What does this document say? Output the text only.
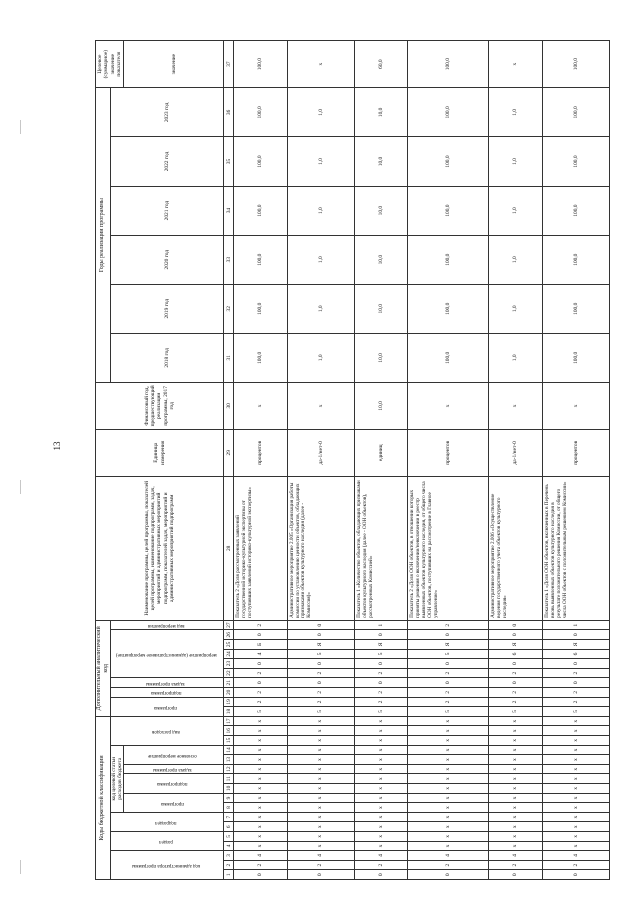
13
Коды бюджетной классификации																	Дополнительный аналитический код										Наименование программы, целей программы, показателей целей программы, наименование подпрограмм, задач, мероприятий и административных мероприятий подпрограмм, показателей задач, мероприятий и административных мероприятий подпрограмм	Единица измерения	Финансовый год, предшествующий реализации программы, 2017 год	Годы реализации программы						Целевое (суммарное) значение показателя
код администратора программы			раздел		подраздел		код целевой статьи расходов бюджета							вид расходов			программа		подпрограмма	задача программы	мероприятие (административное мероприятие)					вид мероприятия				2018 год	2019 год	2020 год	2021 год	2022 год	2023 год	
							программа		подпрограмма		задача программы	основное мероприятие																								значение
1	2	3	4	5	6	7	8	9	10	11	12	13	14	15	16	17	18	19	20	21	22	23	24	25	26	27	28	29	30	31	32	33	34	35	36	37
0	2	4	х	х	х	х	х	х	х	х	х	х	х	х	х	х	5	2	2	0	2	0	4	Б	0	2	Показатель 2 «Доля рассмотренных заявлений государственной историко-культурной экспертизы от поступивших заявлений историко-культурной экспертизы»	процентов	х	100,0	100,0	100,0	100,0	100,0	100,0	100,0
0	2	4	х	х	х	х	х	х	х	х	х	х	х	х	х	х	5	2	2	0	2	0	5	Я	0	0	Административное мероприятие 2.005 «Организация работы комиссии по установлению ценности объектов, обладающих признаками объектов культурного наследия (далее - Комиссия)»	да-1/нет-0	х	1,0	1,0	1,0	1,0	1,0	1,0	х
0	2	4	х	х	х	х	х	х	х	х	х	х	х	х	х	х	5	2	2	0	2	0	5	Я	0	1	Показатель 1 «Количество объектов, обладающих признаками объектов культурного наследия (далее - ООН объектов), рассмотренных Комиссией»	единиц	10,0	10,0	10,0	10,0	10,0	10,0	10,0	60,0
0	2	4	х	х	х	х	х	х	х	х	х	х	х	х	х	х	5	2	2	0	2	0	5	Я	0	2	Показатель 2 «Доля ООН объектов, в отношении которых приняты решения о включении/невключении в реестр выявленных объектов культурного наследия, от общего числа ООН объектов, поступивших на рассмотрение в Главное управление»	процентов	х	100,0	100,0	100,0	100,0	100,0	100,0	100,0
0	2	4	х	х	х	х	х	х	х	х	х	х	х	х	х	х	5	2	2	0	2	0	6	Я	0	0	Административное мероприятие 2.006 «Осуществление ведения государственного учета объектов культурного наследия»	да-1/нет-0	х	1,0	1,0	1,0	1,0	1,0	1,0	х
0	2	4	х	х	х	х	х	х	х	х	х	х	х	х	х	х	5	2	2	0	2	0	6	Я	0	1	Показатель 1 «Доля ООН объектов, включенных в Перечень вновь выявленных объектов культурного наследия в результате положительного решения Комиссии, от общего числа ООН объектов с положительным решением Комиссии»	процентов	х	100,0	100,0	100,0	100,0	100,0	100,0	100,0
